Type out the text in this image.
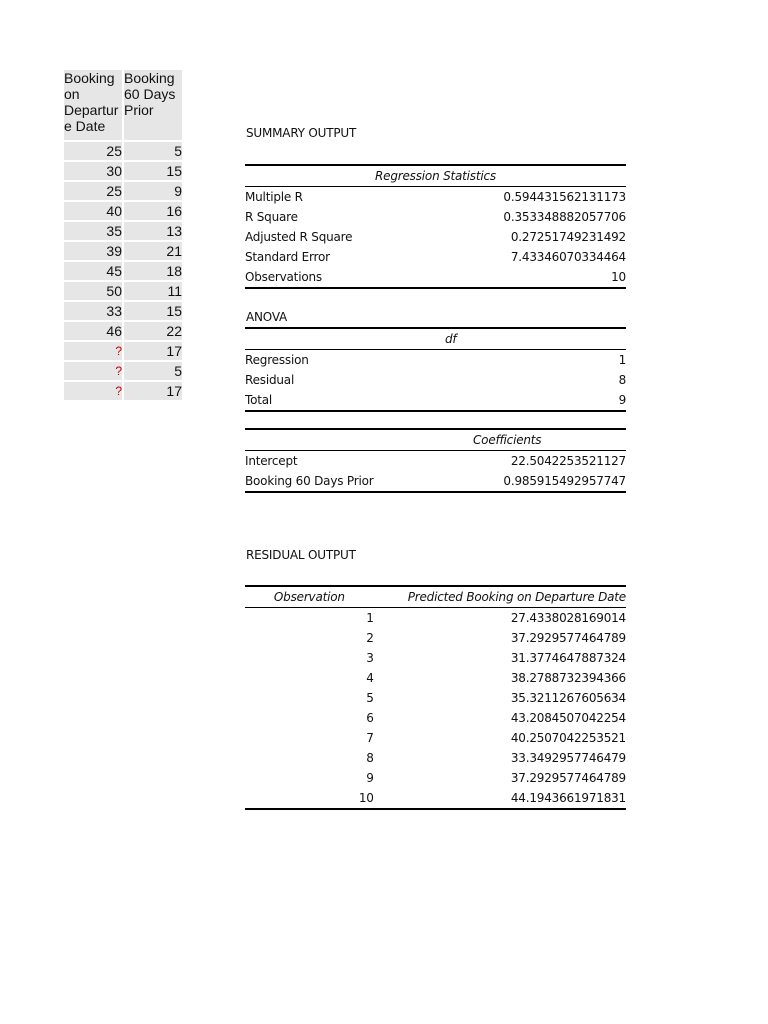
Booking on Departur e Date	Booking 60 Days Prior
25	5
30	15
25	9
40	16
35	13
39	21
45	18
50	11
33	15
46	22
?	17
?	5
?	17
SUMMARY OUTPUT
Regression Statistics	
Multiple R	0.594431562131173
R Square	0.353348882057706
Adjusted R Square	0.27251749231492
Standard Error	7.43346070334464
Observations	10
ANOVA
	df
Regression	1
Residual	8
Total	9
	Coefficients
Intercept	22.5042253521127
Booking 60 Days Prior	0.985915492957747
RESIDUAL OUTPUT
Observation	Predicted Booking on Departure Date
1	27.4338028169014
2	37.2929577464789
3	31.3774647887324
4	38.2788732394366
5	35.3211267605634
6	43.2084507042254
7	40.2507042253521
8	33.3492957746479
9	37.2929577464789
10	44.1943661971831
